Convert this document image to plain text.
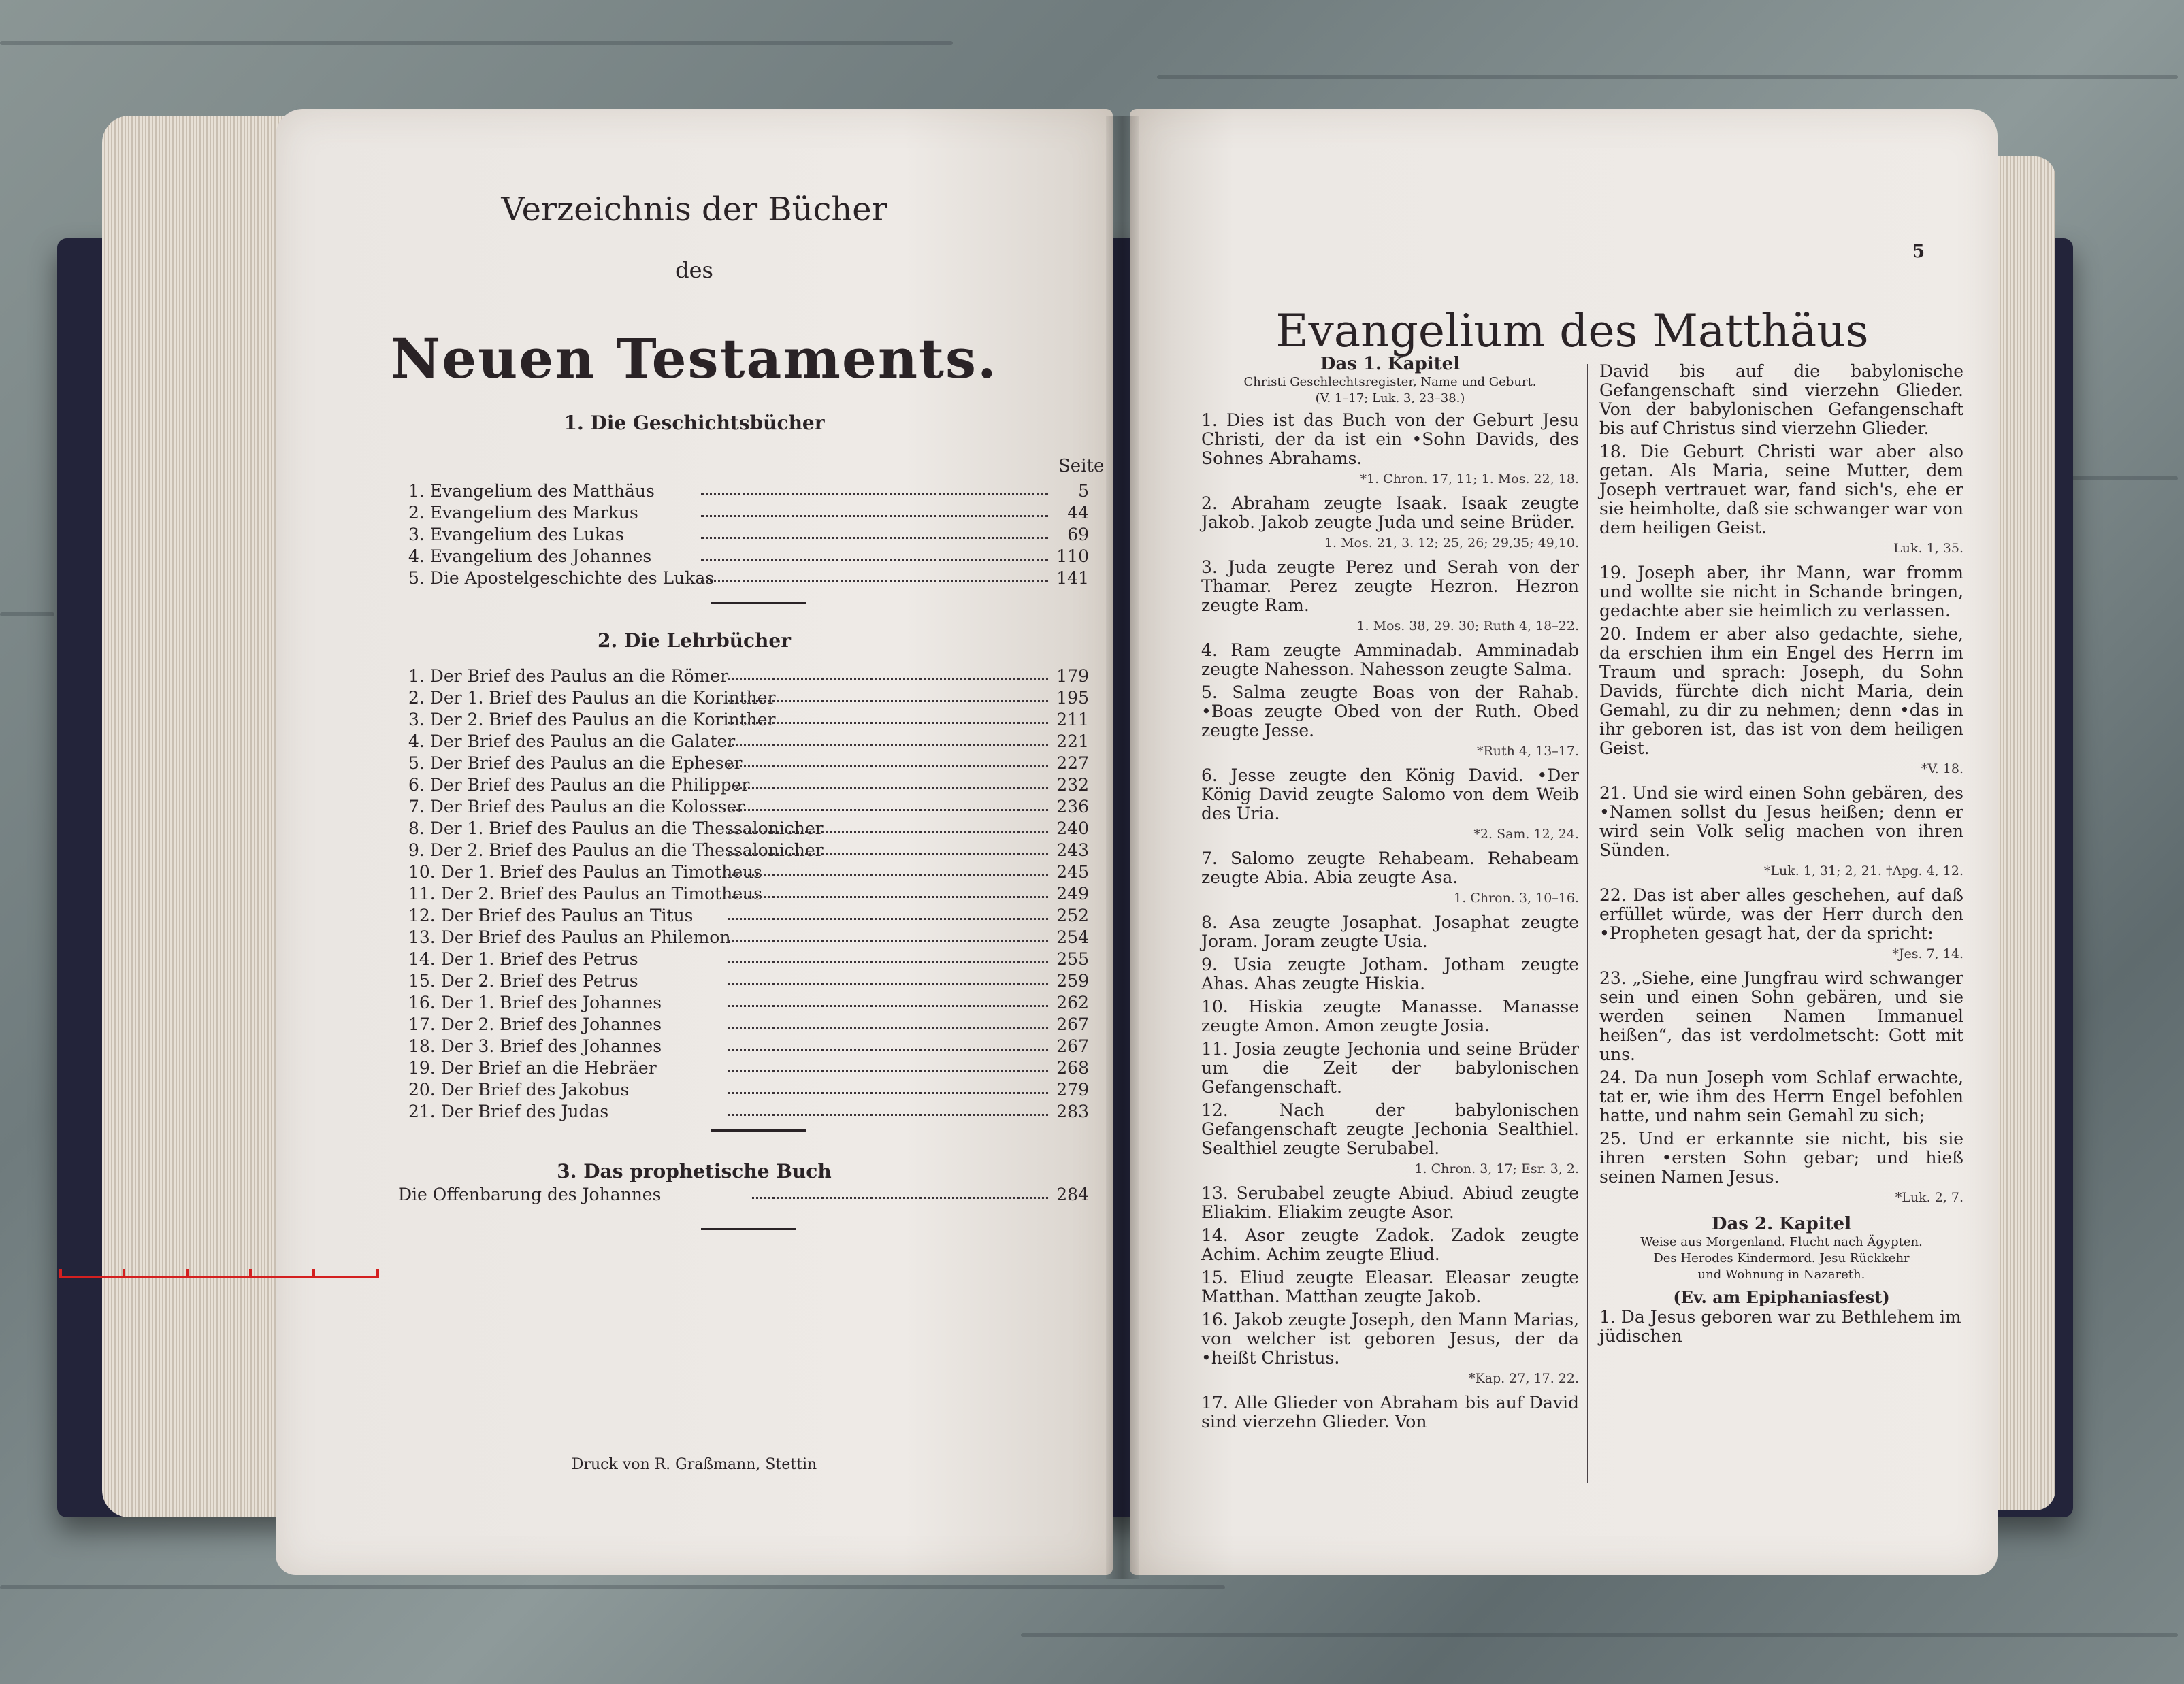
Verzeichnis der Bücher
des
Neuen Testaments.
1. Die Geschichtsbücher
Seite
1. Evangelium des Matthäus	5
2. Evangelium des Markus	44
3. Evangelium des Lukas	69
4. Evangelium des Johannes	110
5. Die Apostelgeschichte des Lukas	141
2. Die Lehrbücher
1. Der Brief des Paulus an die Römer	179
2. Der 1. Brief des Paulus an die Korinther	195
3. Der 2. Brief des Paulus an die Korinther	211
4. Der Brief des Paulus an die Galater	221
5. Der Brief des Paulus an die Epheser	227
6. Der Brief des Paulus an die Philipper	232
7. Der Brief des Paulus an die Kolosser	236
8. Der 1. Brief des Paulus an die Thessalonicher	240
9. Der 2. Brief des Paulus an die Thessalonicher	243
10. Der 1. Brief des Paulus an Timotheus	245
11. Der 2. Brief des Paulus an Timotheus	249
12. Der Brief des Paulus an Titus	252
13. Der Brief des Paulus an Philemon	254
14. Der 1. Brief des Petrus	255
15. Der 2. Brief des Petrus	259
16. Der 1. Brief des Johannes	262
17. Der 2. Brief des Johannes	267
18. Der 3. Brief des Johannes	267
19. Der Brief an die Hebräer	268
20. Der Brief des Jakobus	279
21. Der Brief des Judas	283
3. Das prophetische Buch
Die Offenbarung des Johannes	284
Druck von R. Graßmann, Stettin
5
Evangelium des Matthäus
Das 1. Kapitel
Christi Geschlechtsregister, Name und Geburt.
(V. 1–17; Luk. 3, 23–38.)

1. Dies ist das Buch von der Geburt Jesu Christi, der da ist ein •Sohn Davids, des Sohnes Abrahams.

*1. Chron. 17, 11; 1. Mos. 22, 18.

2. Abraham zeugte Isaak. Isaak zeugte Jakob. Jakob zeugte Juda und seine Brüder.

1. Mos. 21, 3. 12; 25, 26; 29,35; 49,10.

3. Juda zeugte Perez und Serah von der Thamar. Perez zeugte Hezron. Hezron zeugte Ram.

1. Mos. 38, 29. 30; Ruth 4, 18–22.

4. Ram zeugte Amminadab. Amminadab zeugte Nahesson. Nahesson zeugte Salma.

5. Salma zeugte Boas von der Rahab. •Boas zeugte Obed von der Ruth. Obed zeugte Jesse.

*Ruth 4, 13–17.

6. Jesse zeugte den König David. •Der König David zeugte Salomo von dem Weib des Uria.

*2. Sam. 12, 24.

7. Salomo zeugte Rehabeam. Rehabeam zeugte Abia. Abia zeugte Asa.

1. Chron. 3, 10–16.

8. Asa zeugte Josaphat. Josaphat zeugte Joram. Joram zeugte Usia.

9. Usia zeugte Jotham. Jotham zeugte Ahas. Ahas zeugte Hiskia.

10. Hiskia zeugte Manasse. Manasse zeugte Amon. Amon zeugte Josia.

11. Josia zeugte Jechonia und seine Brüder um die Zeit der babylonischen Gefangenschaft.

12. Nach der babylonischen Gefangenschaft zeugte Jechonia Sealthiel. Sealthiel zeugte Serubabel.

1. Chron. 3, 17; Esr. 3, 2.

13. Serubabel zeugte Abiud. Abiud zeugte Eliakim. Eliakim zeugte Asor.

14. Asor zeugte Zadok. Zadok zeugte Achim. Achim zeugte Eliud.

15. Eliud zeugte Eleasar. Eleasar zeugte Matthan. Matthan zeugte Jakob.

16. Jakob zeugte Joseph, den Mann Marias, von welcher ist geboren Jesus, der da •heißt Christus.

*Kap. 27, 17. 22.

17. Alle Glieder von Abraham bis auf David sind vierzehn Glieder. Von

David bis auf die babylonische Gefangenschaft sind vierzehn Glieder. Von der babylonischen Gefangenschaft bis auf Christus sind vierzehn Glieder.

18. Die Geburt Christi war aber also getan. Als Maria, seine Mutter, dem Joseph vertrauet war, fand sich's, ehe er sie heimholte, daß sie schwanger war von dem heiligen Geist.

Luk. 1, 35.

19. Joseph aber, ihr Mann, war fromm und wollte sie nicht in Schande bringen, gedachte aber sie heimlich zu verlassen.

20. Indem er aber also gedachte, siehe, da erschien ihm ein Engel des Herrn im Traum und sprach: Joseph, du Sohn Davids, fürchte dich nicht Maria, dein Gemahl, zu dir zu nehmen; denn •das in ihr geboren ist, das ist von dem heiligen Geist.

*V. 18.

21. Und sie wird einen Sohn gebären, des •Namen sollst du Jesus heißen; denn er wird sein Volk selig machen von ihren Sünden.

*Luk. 1, 31; 2, 21. †Apg. 4, 12.

22. Das ist aber alles geschehen, auf daß erfüllet würde, was der Herr durch den •Propheten gesagt hat, der da spricht:

*Jes. 7, 14.

23. „Siehe, eine Jungfrau wird schwanger sein und einen Sohn gebären, und sie werden seinen Namen Immanuel heißen“, das ist verdolmetscht: Gott mit uns.

24. Da nun Joseph vom Schlaf erwachte, tat er, wie ihm des Herrn Engel befohlen hatte, und nahm sein Gemahl zu sich;

25. Und er erkannte sie nicht, bis sie ihren •ersten Sohn gebar; und hieß seinen Namen Jesus.

*Luk. 2, 7.
Das 2. Kapitel
Weise aus Morgenland. Flucht nach Ägypten.
Des Herodes Kindermord. Jesu Rückkehr
und Wohnung in Nazareth.
(Ev. am Epiphaniasfest)
1. Da Jesus geboren war zu Bethlehem im jüdischen
